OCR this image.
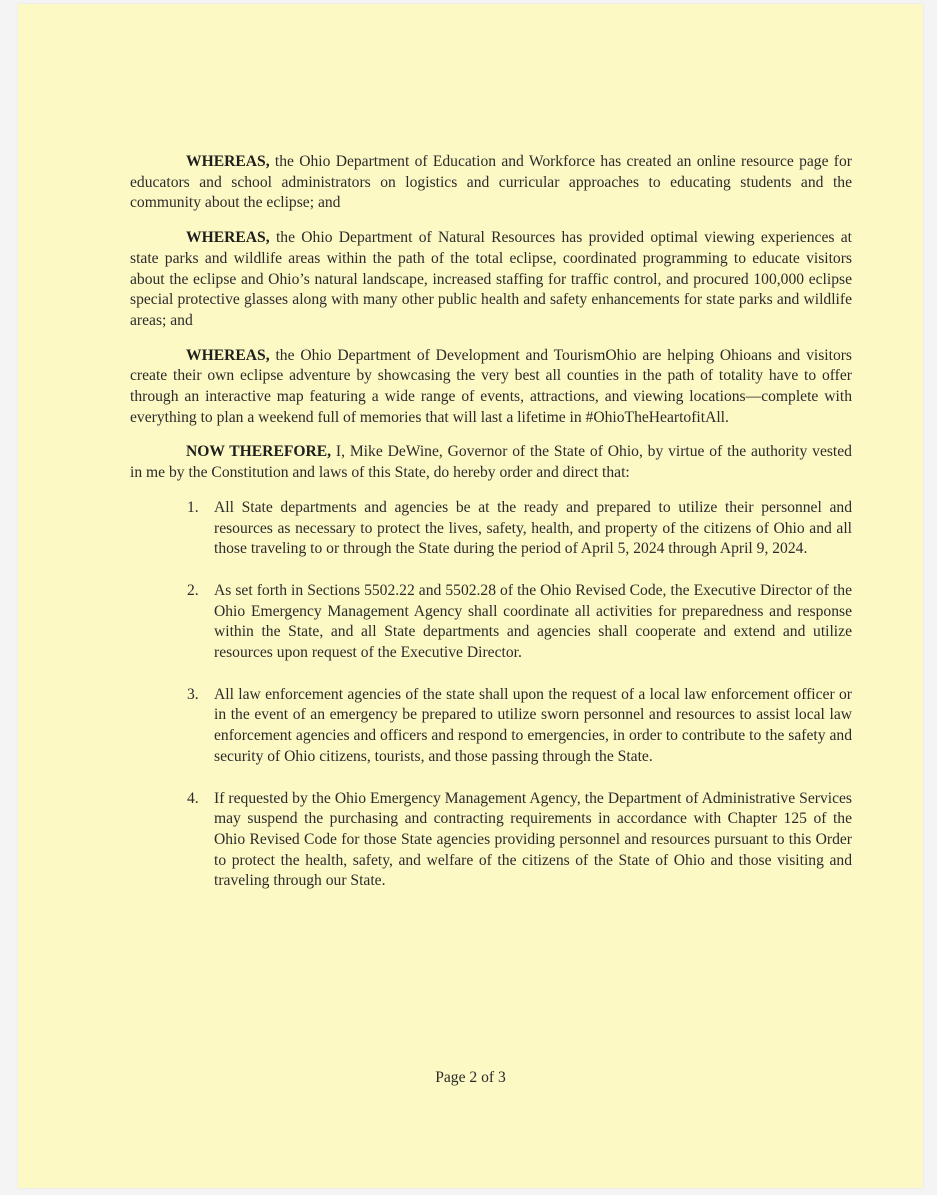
WHEREAS, the Ohio Department of Education and Workforce has created an online resource page for educators and school administrators on logistics and curricular approaches to educating students and the community about the eclipse; and

WHEREAS, the Ohio Department of Natural Resources has provided optimal viewing experiences at state parks and wildlife areas within the path of the total eclipse, coordinated programming to educate visitors about the eclipse and Ohio’s natural landscape, increased staffing for traffic control, and procured 100,000 eclipse special protective glasses along with many other public health and safety enhancements for state parks and wildlife areas; and

WHEREAS, the Ohio Department of Development and TourismOhio are helping Ohioans and visitors create their own eclipse adventure by showcasing the very best all counties in the path of totality have to offer through an interactive map featuring a wide range of events, attractions, and viewing locations—complete with everything to plan a weekend full of memories that will last a lifetime in #OhioTheHeartofitAll.

NOW THEREFORE, I, Mike DeWine, Governor of the State of Ohio, by virtue of the authority vested in me by the Constitution and laws of this State, do hereby order and direct that:

1. All State departments and agencies be at the ready and prepared to utilize their personnel and resources as necessary to protect the lives, safety, health, and property of the citizens of Ohio and all those traveling to or through the State during the period of April 5, 2024 through April 9, 2024.
2. As set forth in Sections 5502.22 and 5502.28 of the Ohio Revised Code, the Executive Director of the Ohio Emergency Management Agency shall coordinate all activities for preparedness and response within the State, and all State departments and agencies shall cooperate and extend and utilize resources upon request of the Executive Director.
3. All law enforcement agencies of the state shall upon the request of a local law enforcement officer or in the event of an emergency be prepared to utilize sworn personnel and resources to assist local law enforcement agencies and officers and respond to emergencies, in order to contribute to the safety and security of Ohio citizens, tourists, and those passing through the State.
4. If requested by the Ohio Emergency Management Agency, the Department of Administrative Services may suspend the purchasing and contracting requirements in accordance with Chapter 125 of the Ohio Revised Code for those State agencies providing personnel and resources pursuant to this Order to protect the health, safety, and welfare of the citizens of the State of Ohio and those visiting and traveling through our State.
Page 2 of 3
